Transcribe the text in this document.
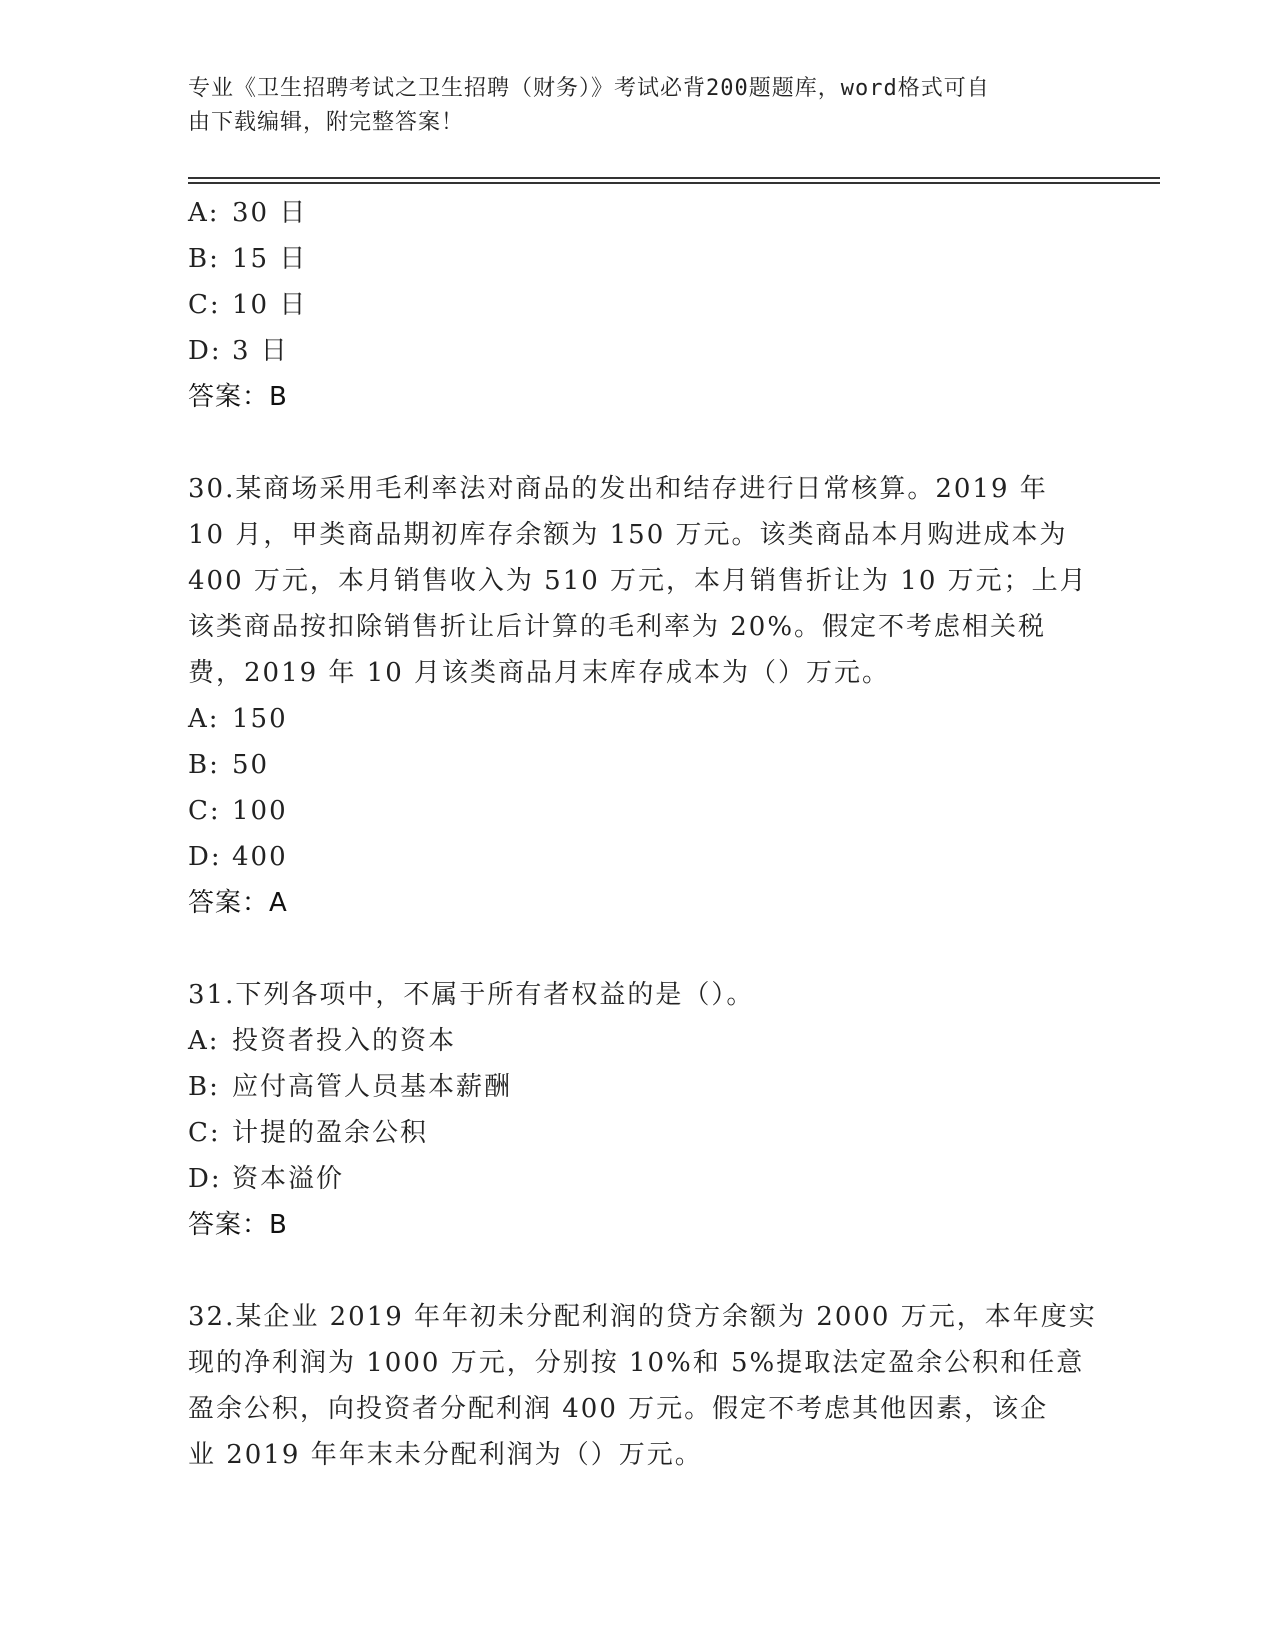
专业《卫生招聘考试之卫生招聘（财务）》考试必背200题题库，word格式可自
由下载编辑，附完整答案！
A: 30 日
B: 15 日
C: 10 日
D: 3 日
答案：B
30.某商场采用毛利率法对商品的发出和结存进行日常核算。2019 年
10 月，甲类商品期初库存余额为 150 万元。该类商品本月购进成本为
400 万元，本月销售收入为 510 万元，本月销售折让为 10 万元；上月
该类商品按扣除销售折让后计算的毛利率为 20%。假定不考虑相关税
费，2019 年 10 月该类商品月末库存成本为（）万元。
A: 150
B: 50
C: 100
D: 400
答案：A
31.下列各项中，不属于所有者权益的是（）。
A: 投资者投入的资本
B: 应付高管人员基本薪酬
C: 计提的盈余公积
D: 资本溢价
答案：B
32.某企业 2019 年年初未分配利润的贷方余额为 2000 万元，本年度实
现的净利润为 1000 万元，分别按 10%和 5%提取法定盈余公积和任意
盈余公积，向投资者分配利润 400 万元。假定不考虑其他因素，该企
业 2019 年年末未分配利润为（）万元。
